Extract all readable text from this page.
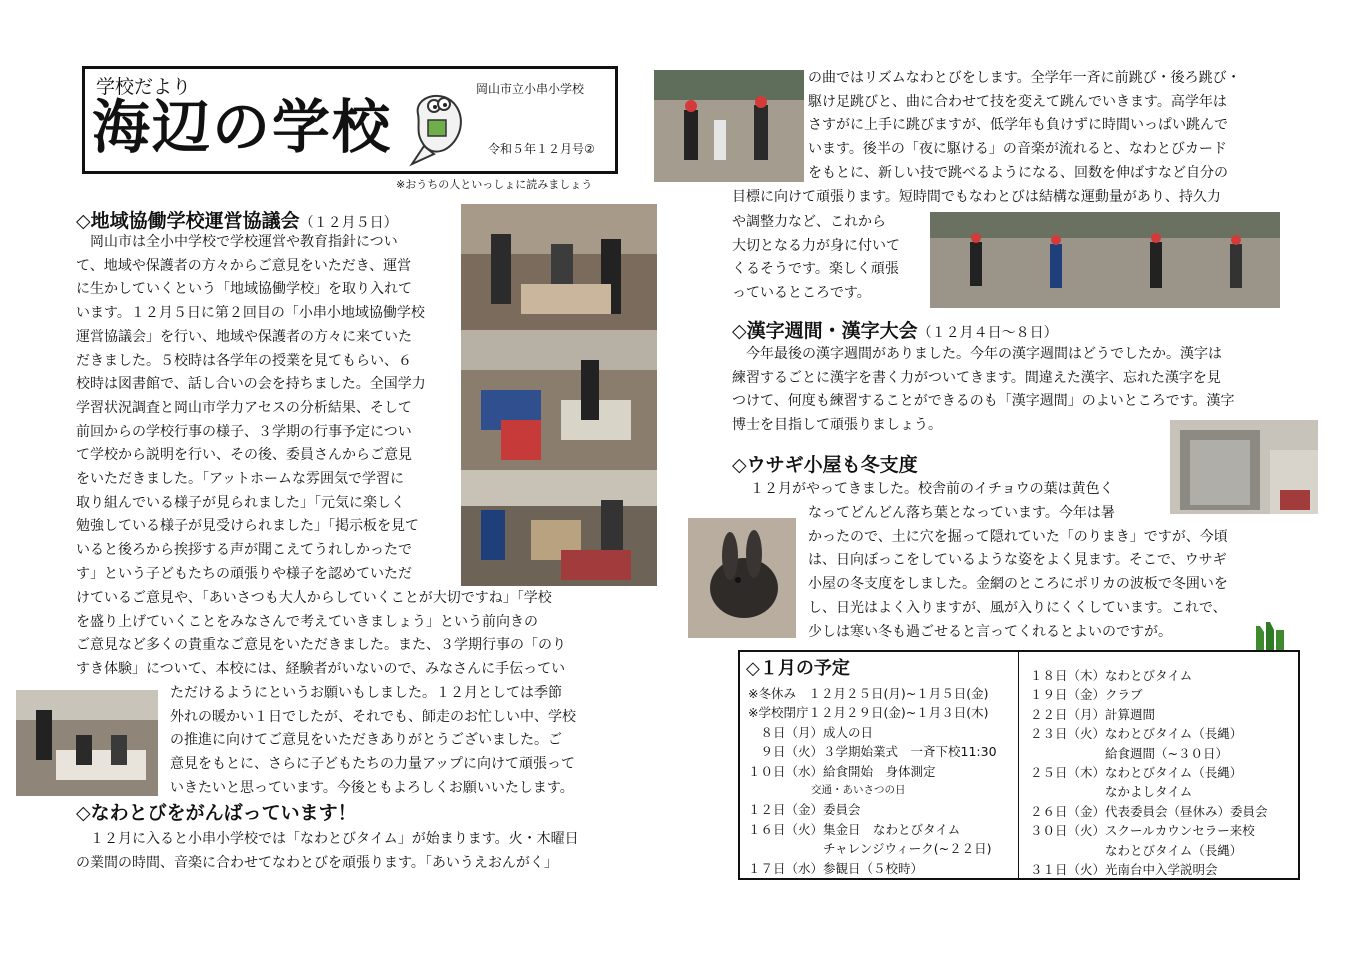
学校だより
海辺の学校
岡山市立小串小学校
令和５年１２月号②
※おうちの人といっしょに読みましょう
◇地域協働学校運営協議会（１２月５日）

岡山市は全小中学校で学校運営や教育指針につい

て、地域や保護者の方々からご意見をいただき、運営

に生かしていくという「地域協働学校」を取り入れて

います。１２月５日に第２回目の「小串小地域協働学校

運営協議会」を行い、地域や保護者の方々に来ていた

だきました。５校時は各学年の授業を見てもらい、６

校時は図書館で、話し合いの会を持ちました。全国学力

学習状況調査と岡山市学力アセスの分析結果、そして

前回からの学校行事の様子、３学期の行事予定につい

て学校から説明を行い、その後、委員さんからご意見

をいただきました。「アットホームな雰囲気で学習に

取り組んでいる様子が見られました」「元気に楽しく

勉強している様子が見受けられました」「掲示板を見て

いると後ろから挨拶する声が聞こえてうれしかったで

す」という子どもたちの頑張りや様子を認めていただ

けているご意見や、「あいさつも大人からしていくことが大切ですね」「学校

を盛り上げていくことをみなさんで考えていきましょう」という前向きの

ご意見など多くの貴重なご意見をいただきました。また、３学期行事の「のり

すき体験」について、本校には、経験者がいないので、みなさんに手伝ってい

ただけるようにというお願いもしました。１２月としては季節

外れの暖かい１日でしたが、それでも、師走のお忙しい中、学校

の推進に向けてご意見をいただきありがとうございました。ご

意見をもとに、さらに子どもたちの力量アップに向けて頑張って

いきたいと思っています。今後ともよろしくお願いいたします。

◇なわとびをがんばっています！

１２月に入ると小串小学校では「なわとびタイム」が始まります。火・木曜日

の業間の時間、音楽に合わせてなわとびを頑張ります。「あいうえおんがく」

の曲ではリズムなわとびをします。全学年一斉に前跳び・後ろ跳び・

駆け足跳びと、曲に合わせて技を変えて跳んでいきます。高学年は

さすがに上手に跳びますが、低学年も負けずに時間いっぱい跳んで

います。後半の「夜に駆ける」の音楽が流れると、なわとびカード

をもとに、新しい技で跳べるようになる、回数を伸ばすなど自分の

目標に向けて頑張ります。短時間でもなわとびは結構な運動量があり、持久力

や調整力など、これから

大切となる力が身に付いて

くるそうです。楽しく頑張

っているところです。

◇漢字週間・漢字大会（１２月４日～８日）

今年最後の漢字週間がありました。今年の漢字週間はどうでしたか。漢字は

練習するごとに漢字を書く力がついてきます。間違えた漢字、忘れた漢字を見

つけて、何度も練習することができるのも「漢字週間」のよいところです。漢字

博士を目指して頑張りましょう。

◇ウサギ小屋も冬支度
１２月がやってきました。校舎前のイチョウの葉は黄色く

なってどんどん落ち葉となっています。今年は暑

かったので、土に穴を掘って隠れていた「のりまき」ですが、今頃

は、日向ぼっこをしているような姿をよく見ます。そこで、ウサギ

小屋の冬支度をしました。金網のところにポリカの波板で冬囲いを

し、日光はよく入りますが、風が入りにくくしています。これで、

少しは寒い冬も過ごせると言ってくれるとよいのですが。

◇１月の予定
※冬休み　１２月２５日(月)~１月５日(金)
※学校閉庁１２月２９日(金)~１月３日(木)
　８日（月）成人の日
　９日（火）３学期始業式　一斉下校11:30
１０日（水）給食開始　身体測定
　　　　　　交通・あいさつの日
１２日（金）委員会
１６日（火）集金日　なわとびタイム
　　　　　　チャレンジウィーク(~２２日)
１７日（水）参観日（５校時）
１８日（木）なわとびタイム
１９日（金）クラブ
２２日（月）計算週間
２３日（火）なわとびタイム（長縄）
　　　　　　給食週間（~３０日）
２５日（木）なわとびタイム（長縄）
　　　　　　なかよしタイム
２６日（金）代表委員会（昼休み）委員会
３０日（火）スクールカウンセラー来校
　　　　　　なわとびタイム（長縄）
３１日（火）光南台中入学説明会
